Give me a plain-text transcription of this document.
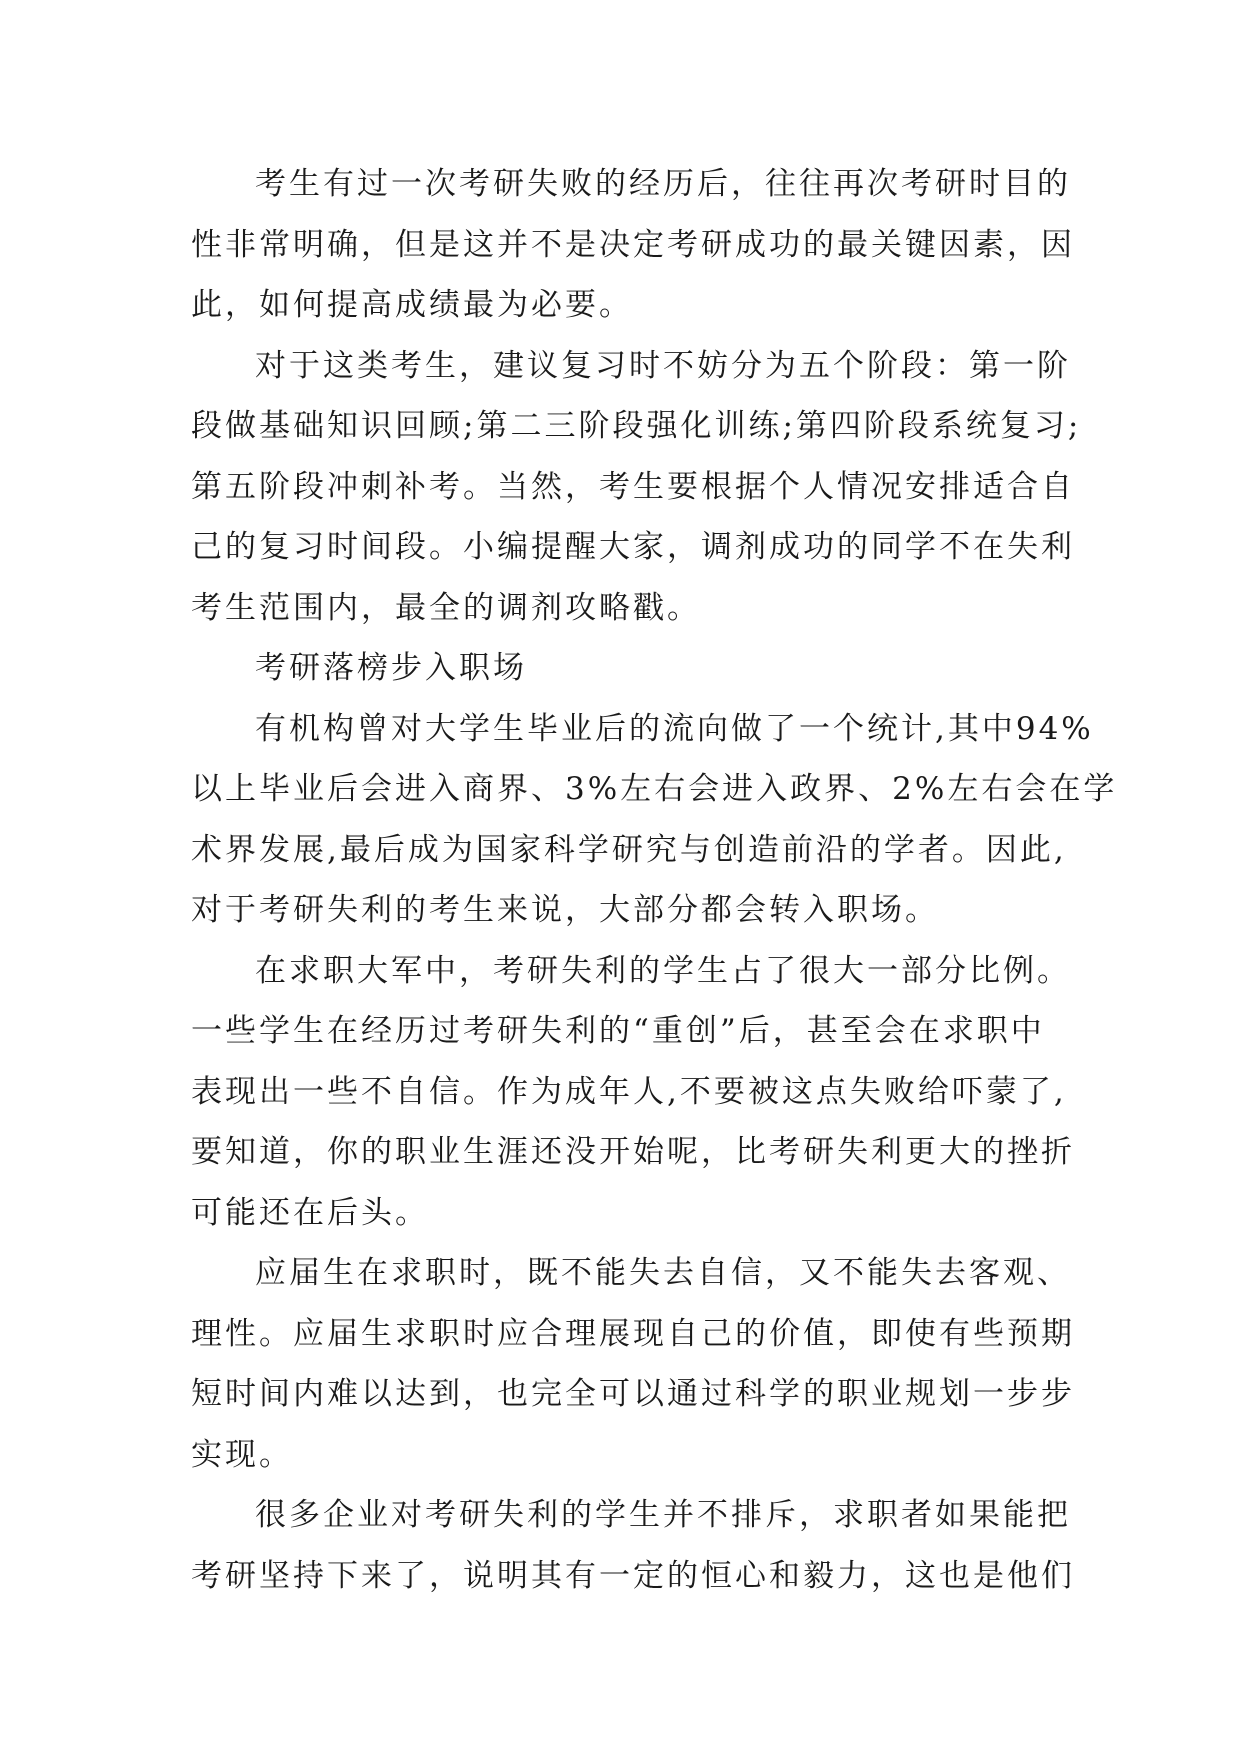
考生有过一次考研失败的经历后，往往再次考研时目的

性非常明确，但是这并不是决定考研成功的最关键因素，因

此，如何提高成绩最为必要。

对于这类考生，建议复习时不妨分为五个阶段：第一阶

段做基础知识回顾;第二三阶段强化训练;第四阶段系统复习;

第五阶段冲刺补考。当然，考生要根据个人情况安排适合自

己的复习时间段。小编提醒大家，调剂成功的同学不在失利

考生范围内，最全的调剂攻略戳。

考研落榜步入职场

有机构曾对大学生毕业后的流向做了一个统计,其中94%

以上毕业后会进入商界、3%左右会进入政界、2%左右会在学

术界发展,最后成为国家科学研究与创造前沿的学者。因此,

对于考研失利的考生来说，大部分都会转入职场。

在求职大军中，考研失利的学生占了很大一部分比例。

一些学生在经历过考研失利的“重创”后，甚至会在求职中

表现出一些不自信。作为成年人,不要被这点失败给吓蒙了,

要知道，你的职业生涯还没开始呢，比考研失利更大的挫折

可能还在后头。

应届生在求职时，既不能失去自信，又不能失去客观、

理性。应届生求职时应合理展现自己的价值，即使有些预期

短时间内难以达到，也完全可以通过科学的职业规划一步步

实现。

很多企业对考研失利的学生并不排斥，求职者如果能把

考研坚持下来了，说明其有一定的恒心和毅力，这也是他们
